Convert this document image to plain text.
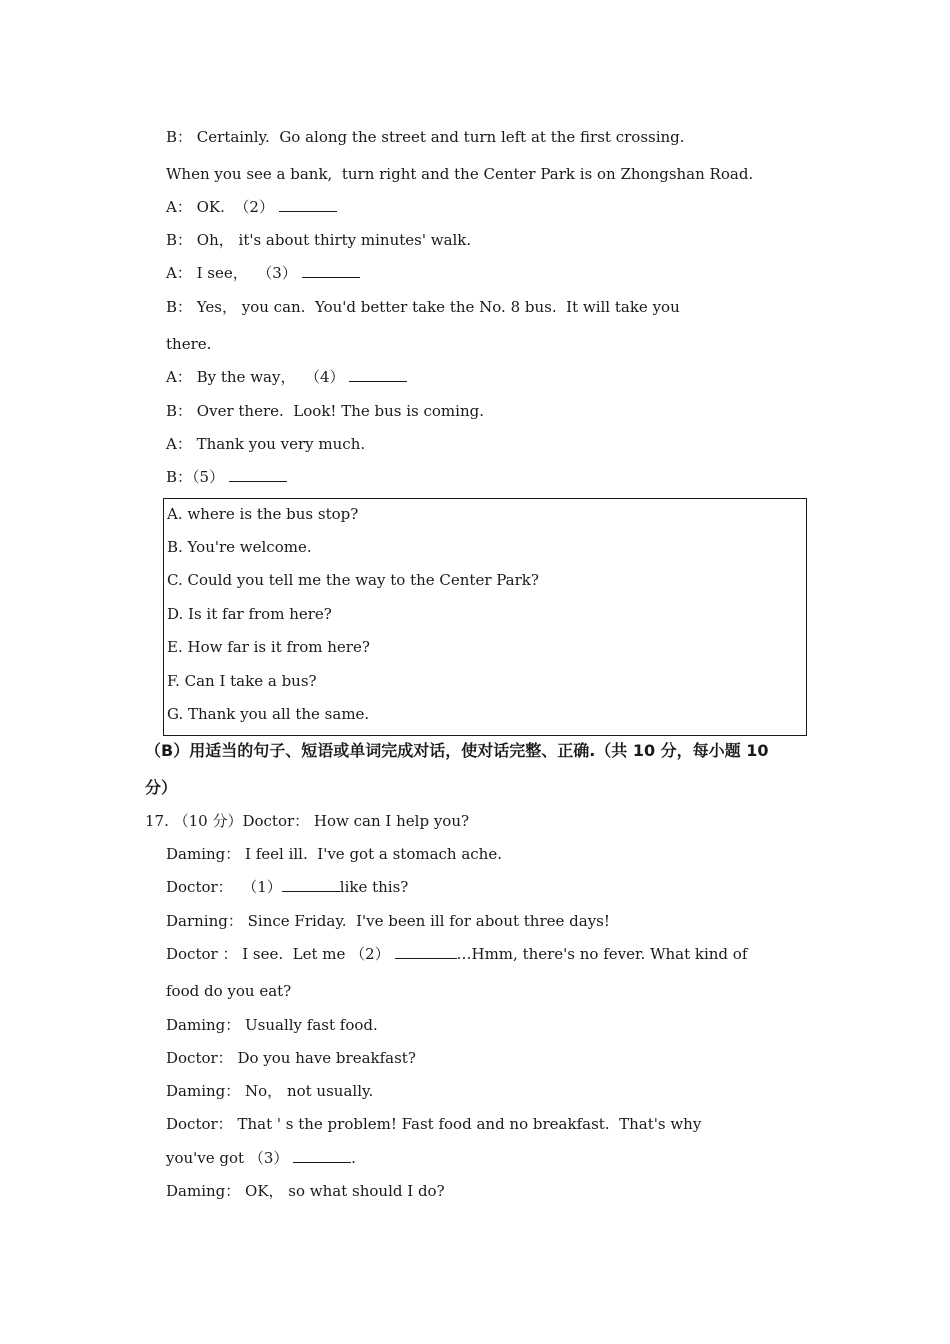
B： Certainly.  Go along the street and turn left at the first crossing.
When you see a bank,  turn right and the Center Park is on Zhongshan Road.
A： OK.  （2）
B： Oh， it's about thirty minutes' walk.
A： I see，  （3）
B： Yes， you can.  You'd better take the No. 8 bus.  It will take you
there.
A： By the way，  （4）
B： Over there.  Look! The bus is coming.
A： Thank you very much.
B：（5）
A. where is the bus stop?
B. You're welcome.
C. Could you tell me the way to the Center Park?
D. Is it far from here?
E. How far is it from here?
F. Can I take a bus?
G. Thank you all the same.
（B）用适当的句子、短语或单词完成对话，使对话完整、正确.（共 10 分，每小题 10
分）
17. （10 分）Doctor： How can I help you?
Daming： I feel ill.  I've got a stomach ache.
Doctor：  （1）	like this?
Darning： Since Friday.  I've been ill for about three days!
Doctor ： I see.  Let me （2）	…Hmm, there's no fever. What kind of
food do you eat?
Daming： Usually fast food.
Doctor： Do you have breakfast?
Daming： No， not usually.
Doctor： That ' s the problem! Fast food and no breakfast.  That's why
you've got （3）	.
Daming： OK， so what should I do?
